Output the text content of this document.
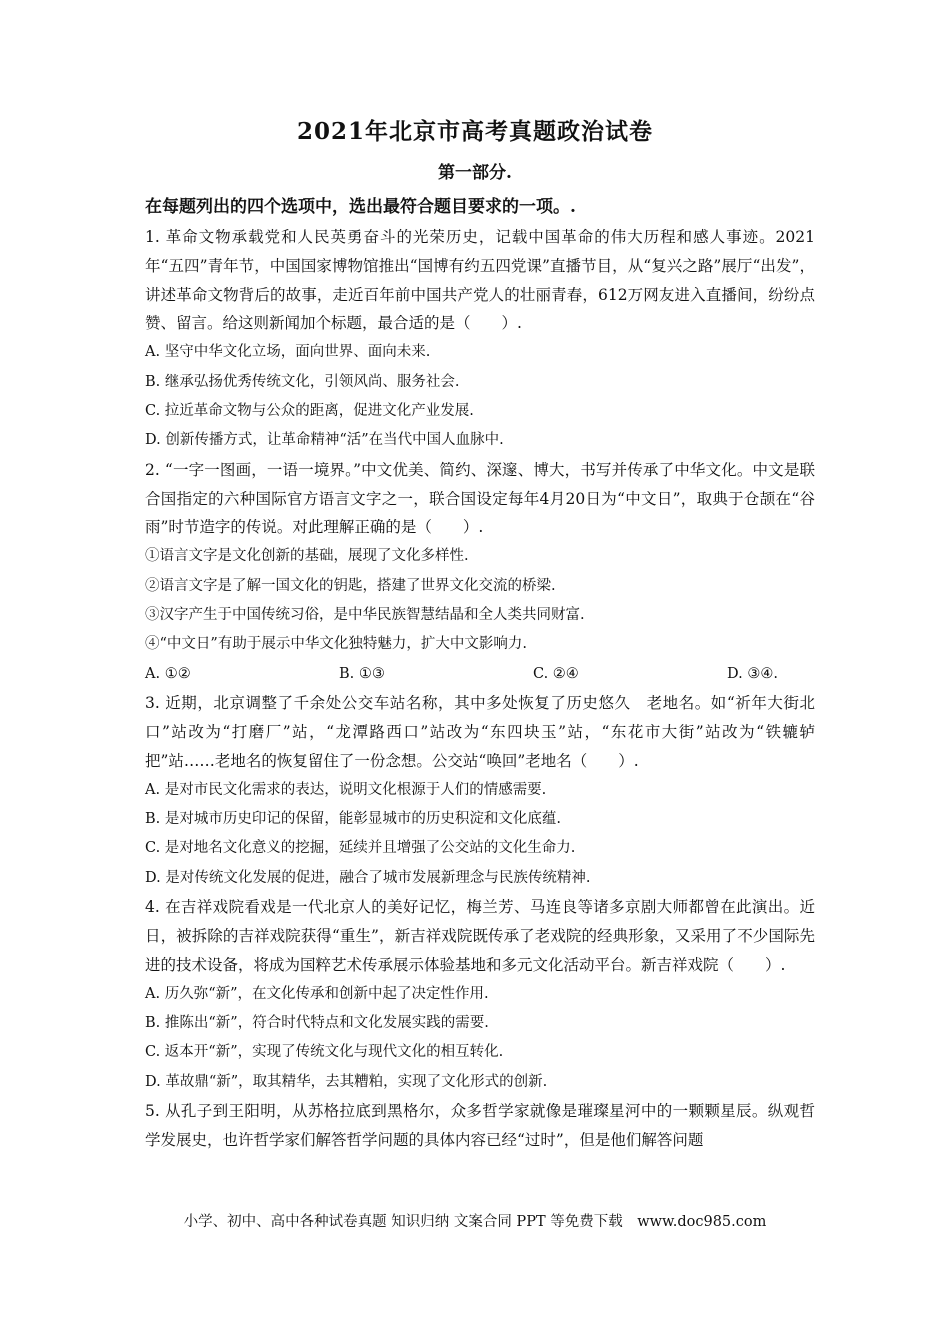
2021年北京市高考真题政治试卷
第一部分.
在每题列出的四个选项中，选出最符合题目要求的一项。.

1. 革命文物承载党和人民英勇奋斗的光荣历史，记载中国革命的伟大历程和感人事迹。2021年“五四”青年节，中国国家博物馆推出“国博有约五四党课”直播节目，从“复兴之路”展厅“出发”，讲述革命文物背后的故事，走近百年前中国共产党人的壮丽青春，612万网友进入直播间，纷纷点赞、留言。给这则新闻加个标题，最合适的是（　　）.

A. 坚守中华文化立场，面向世界、面向未来.

B. 继承弘扬优秀传统文化，引领风尚、服务社会.

C. 拉近革命文物与公众的距离，促进文化产业发展.

D. 创新传播方式，让革命精神“活”在当代中国人血脉中.

2. “一字一图画，一语一境界。”中文优美、简约、深邃、博大，书写并传承了中华文化。中文是联合国指定的六种国际官方语言文字之一，联合国设定每年4月20日为“中文日”，取典于仓颉在“谷雨”时节造字的传说。对此理解正确的是（　　）.

①语言文字是文化创新的基础，展现了文化多样性.

②语言文字是了解一国文化的钥匙，搭建了世界文化交流的桥梁.

③汉字产生于中国传统习俗，是中华民族智慧结晶和全人类共同财富.

④“中文日”有助于展示中华文化独特魅力，扩大中文影响力.

A. ①②	B. ①③	C. ②④	D. ③④.

3. 近期，北京调整了千余处公交车站名称，其中多处恢复了历史悠久　老地名。如“祈年大街北口”站改为“打磨厂”站，“龙潭路西口”站改为“东四块玉”站，“东花市大街”站改为“铁辘轳把”站……老地名的恢复留住了一份念想。公交站“唤回”老地名（　　）.

A. 是对市民文化需求的表达，说明文化根源于人们的情感需要.

B. 是对城市历史印记的保留，能彰显城市的历史积淀和文化底蕴.

C. 是对地名文化意义的挖掘，延续并且增强了公交站的文化生命力.

D. 是对传统文化发展的促进，融合了城市发展新理念与民族传统精神.

4. 在吉祥戏院看戏是一代北京人的美好记忆，梅兰芳、马连良等诸多京剧大师都曾在此演出。近日，被拆除的吉祥戏院获得“重生”，新吉祥戏院既传承了老戏院的经典形象，又采用了不少国际先进的技术设备，将成为国粹艺术传承展示体验基地和多元文化活动平台。新吉祥戏院（　　）.

A. 历久弥“新”，在文化传承和创新中起了决定性作用.

B. 推陈出“新”，符合时代特点和文化发展实践的需要.

C. 返本开“新”，实现了传统文化与现代文化的相互转化.

D. 革故鼎“新”，取其精华，去其糟粕，实现了文化形式的创新.

5. 从孔子到王阳明，从苏格拉底到黑格尔，众多哲学家就像是璀璨星河中的一颗颗星辰。纵观哲学发展史，也许哲学家们解答哲学问题的具体内容已经“过时”，但是他们解答问题

小学、初中、高中各种试卷真题 知识归纳 文案合同 PPT 等免费下载　www.doc985.com
